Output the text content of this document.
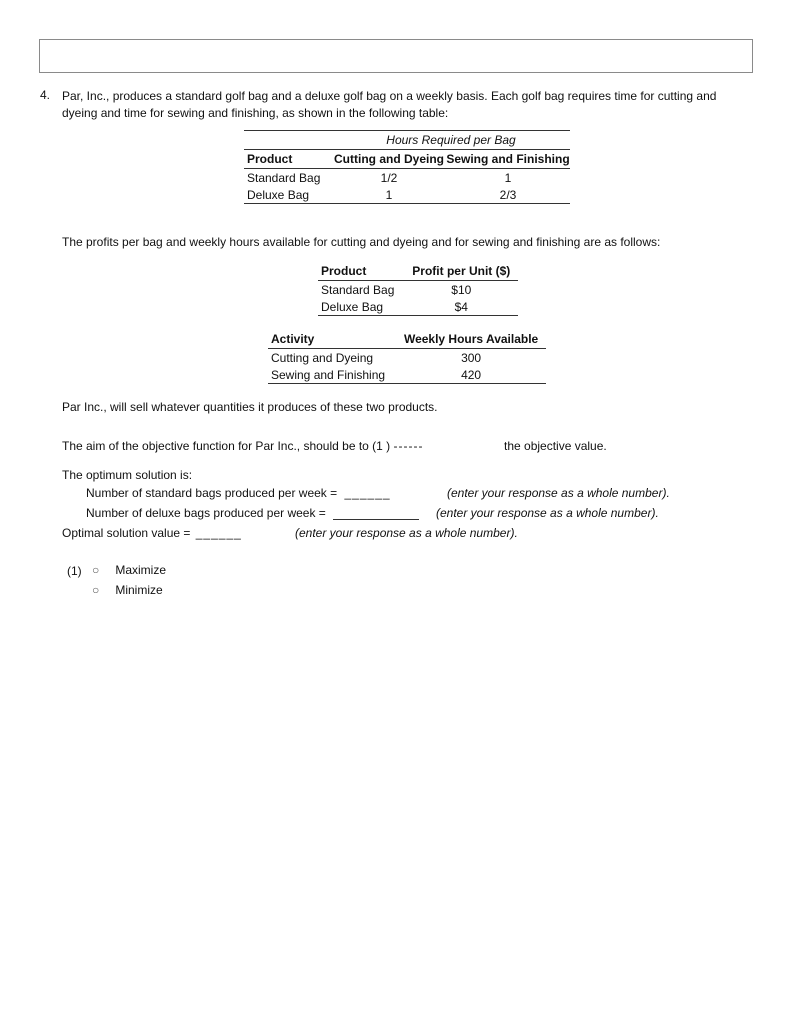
4. Par, Inc., produces a standard golf bag and a deluxe golf bag on a weekly basis. Each golf bag requires time for cutting and dyeing and time for sewing and finishing, as shown in the following table:
	Hours Required per Bag	
Product	Cutting and Dyeing	Sewing and Finishing
Standard Bag	1/2	1
Deluxe Bag	1	2/3
The profits per bag and weekly hours available for cutting and dyeing and for sewing and finishing are as follows:
Product	Profit per Unit ($)
Standard Bag	$10
Deluxe Bag	$4
Activity	Weekly Hours Available
Cutting and Dyeing	300
Sewing and Finishing	420
Par Inc., will sell whatever quantities it produces of these two products.
The aim of the objective function for Par Inc., should be to (1 ) ------	the objective value.
The optimum solution is:
Number of standard bags produced per week = ______	(enter your response as a whole number).
Number of deluxe bags produced per week =	(enter your response as a whole number).
Optimal solution value = ______	(enter your response as a whole number).
(1) ○ Maximize
○ Minimize
